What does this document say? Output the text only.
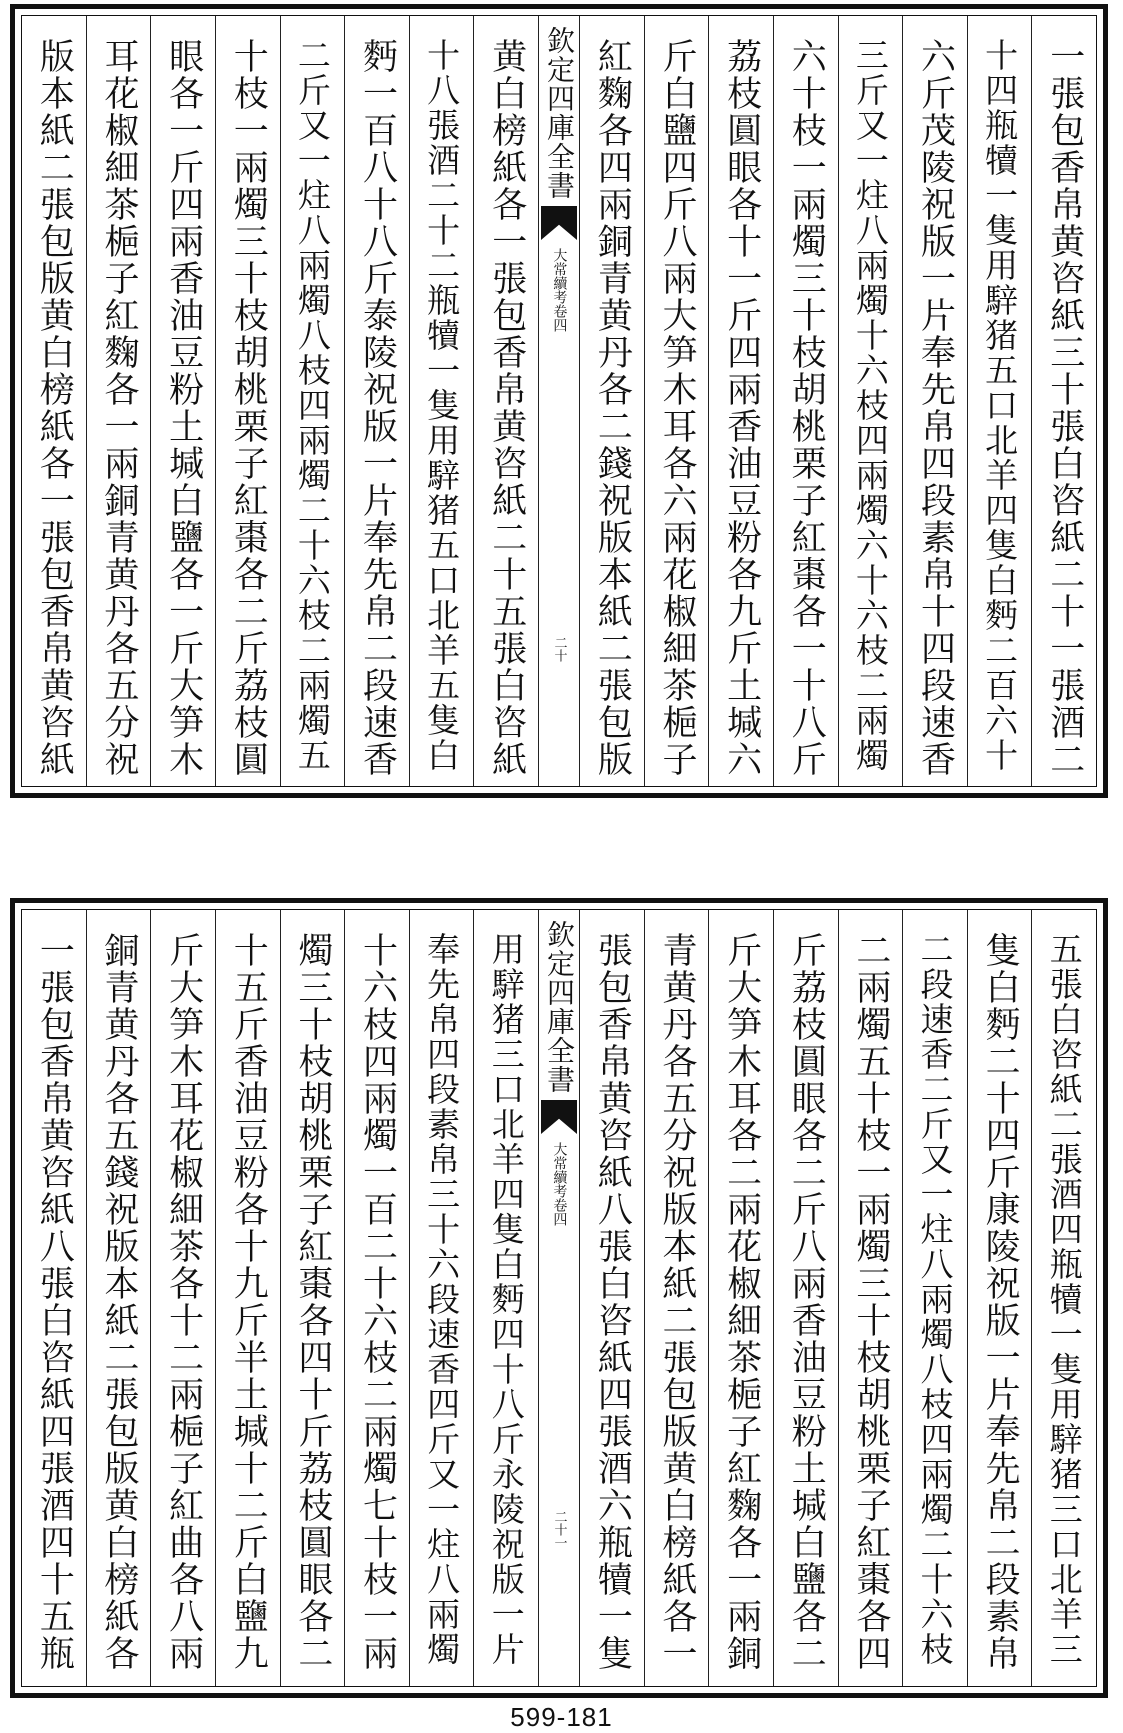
一張包香帛黄咨紙三十張白咨紙二十一張酒二
十四瓶犢一隻用騂猪五口北羊四隻白麪二百六十
六斤茂陵祝版一片奉先帛四段素帛十四段速香
三斤又一炷八兩燭十六枝四兩燭六十六枝二兩燭
六十枝一兩燭三十枝胡桃栗子紅棗各一十八斤
荔枝圓眼各十一斤四兩香油豆粉各九斤土堿六
斤白鹽四斤八兩大笋木耳各六兩花椒細茶梔子
紅麴各四兩銅青黄丹各二錢祝版本紙二張包版
欽定四庫全書
大常續考卷四
二十
黄白榜紙各一張包香帛黄咨紙二十五張白咨紙
十八張酒二十二瓶犢一隻用騂猪五口北羊五隻白
麪一百八十八斤泰陵祝版一片奉先帛二段速香
二斤又一炷八兩燭八枝四兩燭二十六枝二兩燭五
十枝一兩燭三十枝胡桃栗子紅棗各二斤荔枝圓
眼各一斤四兩香油豆粉土堿白鹽各一斤大笋木
耳花椒細茶梔子紅麴各一兩銅青黄丹各五分祝
版本紙二張包版黄白榜紙各一張包香帛黄咨紙
五張白咨紙二張酒四瓶犢一隻用騂猪三口北羊三
隻白麪二十四斤康陵祝版一片奉先帛二段素帛
二段速香二斤又一炷八兩燭八枝四兩燭二十六枝
二兩燭五十枝一兩燭三十枝胡桃栗子紅棗各四
斤荔枝圓眼各二斤八兩香油豆粉土堿白鹽各二
斤大笋木耳各二兩花椒細茶梔子紅麴各一兩銅
青黄丹各五分祝版本紙二張包版黄白榜紙各一
張包香帛黄咨紙八張白咨紙四張酒六瓶犢一隻
欽定四庫全書
大常續考卷四
二十一
用騂猪三口北羊四隻白麪四十八斤永陵祝版一片
奉先帛四段素帛三十六段速香四斤又一炷八兩燭
十六枝四兩燭一百二十六枝二兩燭七十枝一兩
燭三十枝胡桃栗子紅棗各四十斤荔枝圓眼各二
十五斤香油豆粉各十九斤半土堿十二斤白鹽九
斤大笋木耳花椒細茶各十二兩梔子紅曲各八兩
銅青黄丹各五錢祝版本紙二張包版黄白榜紙各
一張包香帛黄咨紙八張白咨紙四張酒四十五瓶
599-181
